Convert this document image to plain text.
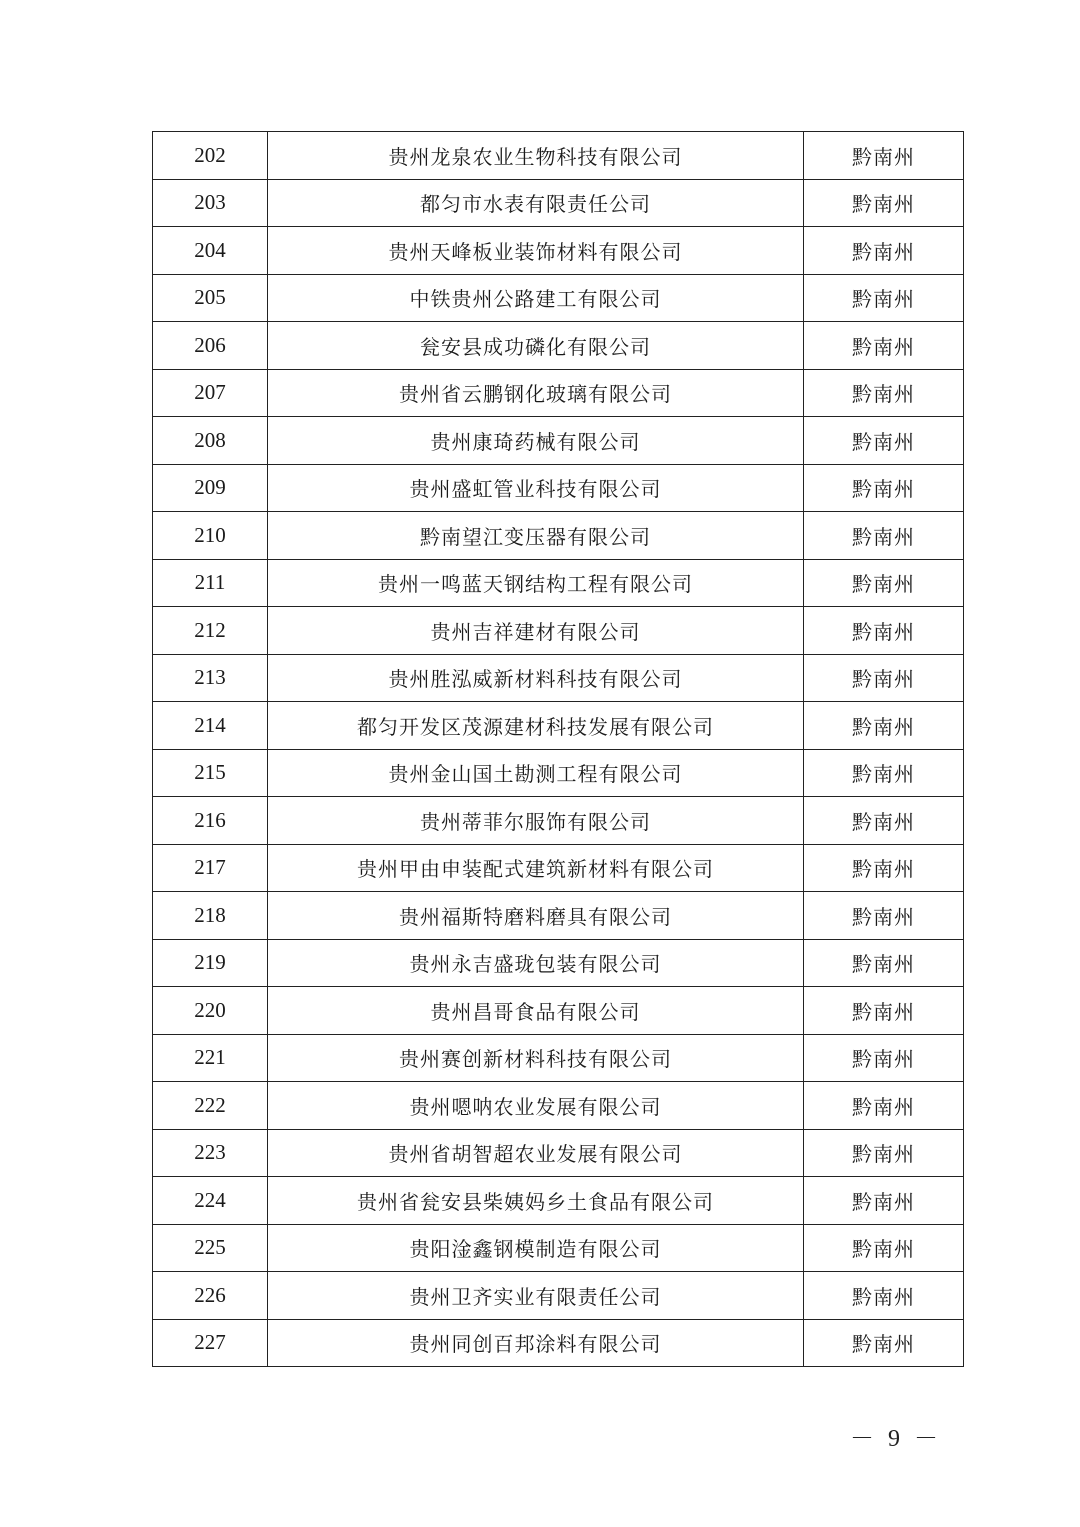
202	贵州龙泉农业生物科技有限公司	黔南州
203	都匀市水表有限责任公司	黔南州
204	贵州天峰板业装饰材料有限公司	黔南州
205	中铁贵州公路建工有限公司	黔南州
206	瓮安县成功磷化有限公司	黔南州
207	贵州省云鹏钢化玻璃有限公司	黔南州
208	贵州康琦药械有限公司	黔南州
209	贵州盛虹管业科技有限公司	黔南州
210	黔南望江变压器有限公司	黔南州
211	贵州一鸣蓝天钢结构工程有限公司	黔南州
212	贵州吉祥建材有限公司	黔南州
213	贵州胜泓威新材料科技有限公司	黔南州
214	都匀开发区茂源建材科技发展有限公司	黔南州
215	贵州金山国土勘测工程有限公司	黔南州
216	贵州蒂菲尔服饰有限公司	黔南州
217	贵州甲由申装配式建筑新材料有限公司	黔南州
218	贵州福斯特磨料磨具有限公司	黔南州
219	贵州永吉盛珑包装有限公司	黔南州
220	贵州昌哥食品有限公司	黔南州
221	贵州赛创新材料科技有限公司	黔南州
222	贵州嗯呐农业发展有限公司	黔南州
223	贵州省胡智超农业发展有限公司	黔南州
224	贵州省瓮安县柴姨妈乡土食品有限公司	黔南州
225	贵阳淦鑫钢模制造有限公司	黔南州
226	贵州卫齐实业有限责任公司	黔南州
227	贵州同创百邦涂料有限公司	黔南州
－ 9 －
